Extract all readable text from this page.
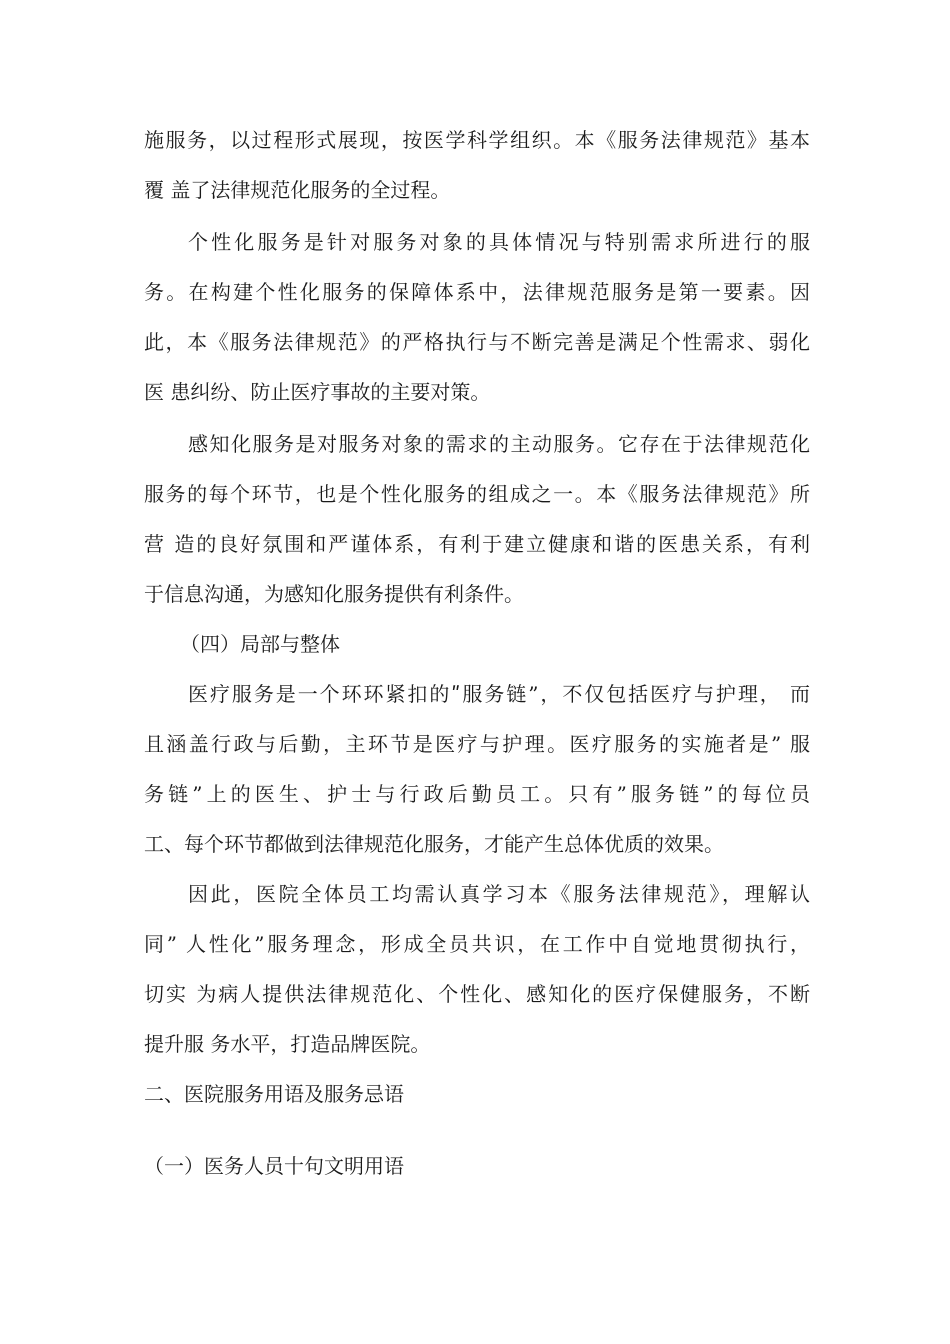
施服务，以过程形式展现，按医学科学组织。本《服务法律规范》基本
覆 盖了法律规范化服务的全过程。
个性化服务是针对服务对象的具体情况与特别需求所进行的服
务。在构建个性化服务的保障体系中，法律规范服务是第一要素。因
此，本《服务法律规范》的严格执行与不断完善是满足个性需求、弱化
医 患纠纷、防止医疗事故的主要对策。
感知化服务是对服务对象的需求的主动服务。它存在于法律规范化
服务的每个环节，也是个性化服务的组成之一。本《服务法律规范》所
营 造的良好氛围和严谨体系，有利于建立健康和谐的医患关系，有利
于信息沟通，为感知化服务提供有利条件。
（四）局部与整体
医疗服务是一个环环紧扣的ʺ服务链”，不仅包括医疗与护理， 而
且涵盖行政与后勤，主环节是医疗与护理。医疗服务的实施者是” 服
务链”上的医生、护士与行政后勤员工。只有”服务链”的每位员
工、每个环节都做到法律规范化服务，才能产生总体优质的效果。
因此，医院全体员工均需认真学习本《服务法律规范》，理解认
同” 人性化”服务理念，形成全员共识，在工作中自觉地贯彻执行，
切实 为病人提供法律规范化、个性化、感知化的医疗保健服务，不断
提升服 务水平，打造品牌医院。
二、医院服务用语及服务忌语
（一）医务人员十句文明用语
